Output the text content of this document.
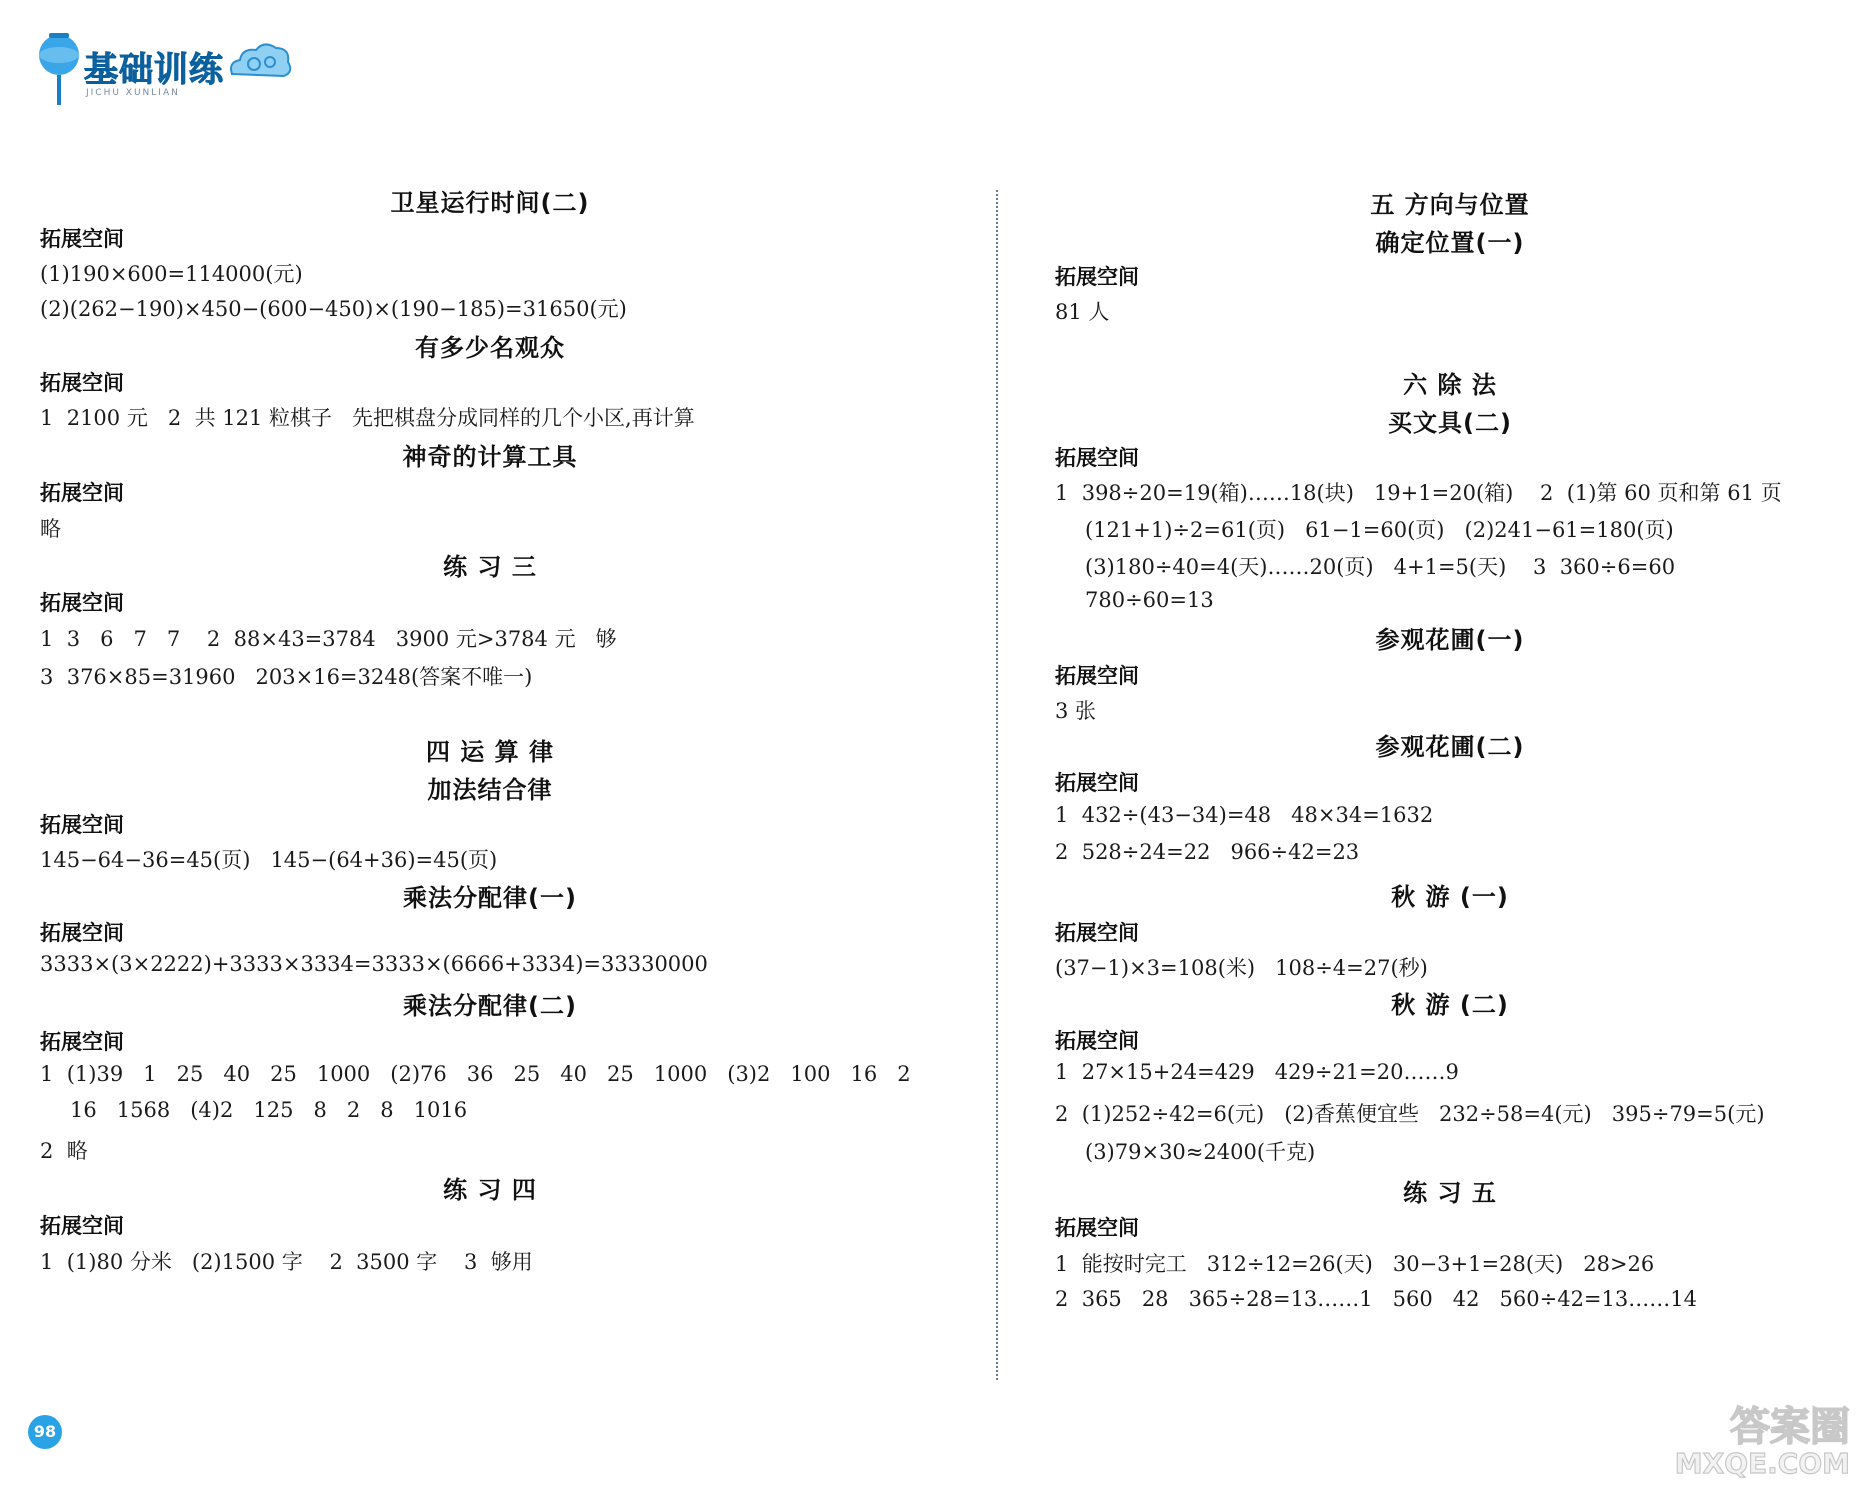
基础训练
JICHU XUNLIAN
卫星运行时间(二)
拓展空间
(1)190×600=114000(元)
(2)(262−190)×450−(600−450)×(190−185)=31650(元)
有多少名观众
拓展空间
1  2100 元   2  共 121 粒棋子   先把棋盘分成同样的几个小区,再计算
神奇的计算工具
拓展空间
略
练 习 三
拓展空间
1  3   6   7   7    2  88×43=3784   3900 元>3784 元   够
3  376×85=31960   203×16=3248(答案不唯一)
四 运 算 律
加法结合律
拓展空间
145−64−36=45(页)   145−(64+36)=45(页)
乘法分配律(一)
拓展空间
3333×(3×2222)+3333×3334=3333×(6666+3334)=33330000
乘法分配律(二)
拓展空间
1  (1)39   1   25   40   25   1000   (2)76   36   25   40   25   1000   (3)2   100   16   2
16   1568   (4)2   125   8   2   8   1016
2  略
练 习 四
拓展空间
1  (1)80 分米   (2)1500 字    2  3500 字    3  够用
五 方向与位置
确定位置(一)
拓展空间
81 人
六 除 法
买文具(二)
拓展空间
1  398÷20=19(箱)……18(块)   19+1=20(箱)    2  (1)第 60 页和第 61 页
(121+1)÷2=61(页)   61−1=60(页)   (2)241−61=180(页)
(3)180÷40=4(天)……20(页)   4+1=5(天)    3  360÷6=60
780÷60=13
参观花圃(一)
拓展空间
3 张
参观花圃(二)
拓展空间
1  432÷(43−34)=48   48×34=1632
2  528÷24=22   966÷42=23
秋 游 (一)
拓展空间
(37−1)×3=108(米)   108÷4=27(秒)
秋 游 (二)
拓展空间
1  27×15+24=429   429÷21=20……9
2  (1)252÷42=6(元)   (2)香蕉便宜些   232÷58=4(元)   395÷79=5(元)
(3)79×30≈2400(千克)
练 习 五
拓展空间
1  能按时完工   312÷12=26(天)   30−3+1=28(天)   28>26
2  365   28   365÷28=13……1   560   42   560÷42=13……14
98	答案圈
MXQE.COM
